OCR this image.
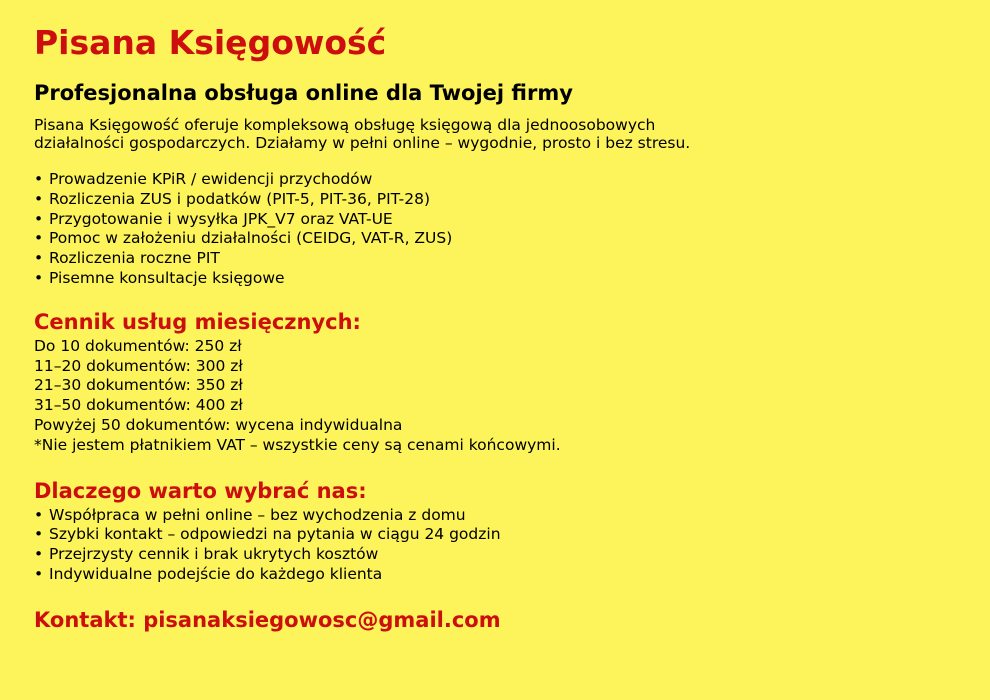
Pisana Księgowość
Profesjonalna obsługa online dla Twojej firmy

Pisana Księgowość oferuje kompleksową obsługę księgową dla jednoosobowych
działalności gospodarczych. Działamy w pełni online – wygodnie, prosto i bez stresu.

• Prowadzenie KPiR / ewidencji przychodów
• Rozliczenia ZUS i podatków (PIT-5, PIT-36, PIT-28)
• Przygotowanie i wysyłka JPK_V7 oraz VAT-UE
• Pomoc w założeniu działalności (CEIDG, VAT-R, ZUS)
• Rozliczenia roczne PIT
• Pisemne konsultacje księgowe
Cennik usług miesięcznych:
Do 10 dokumentów: 250 zł
11–20 dokumentów: 300 zł
21–30 dokumentów: 350 zł
31–50 dokumentów: 400 zł
Powyżej 50 dokumentów: wycena indywidualna
*Nie jestem płatnikiem VAT – wszystkie ceny są cenami końcowymi.
Dlaczego warto wybrać nas:
• Współpraca w pełni online – bez wychodzenia z domu
• Szybki kontakt – odpowiedzi na pytania w ciągu 24 godzin
• Przejrzysty cennik i brak ukrytych kosztów
• Indywidualne podejście do każdego klienta

Kontakt: pisanaksiegowosc@gmail.com
